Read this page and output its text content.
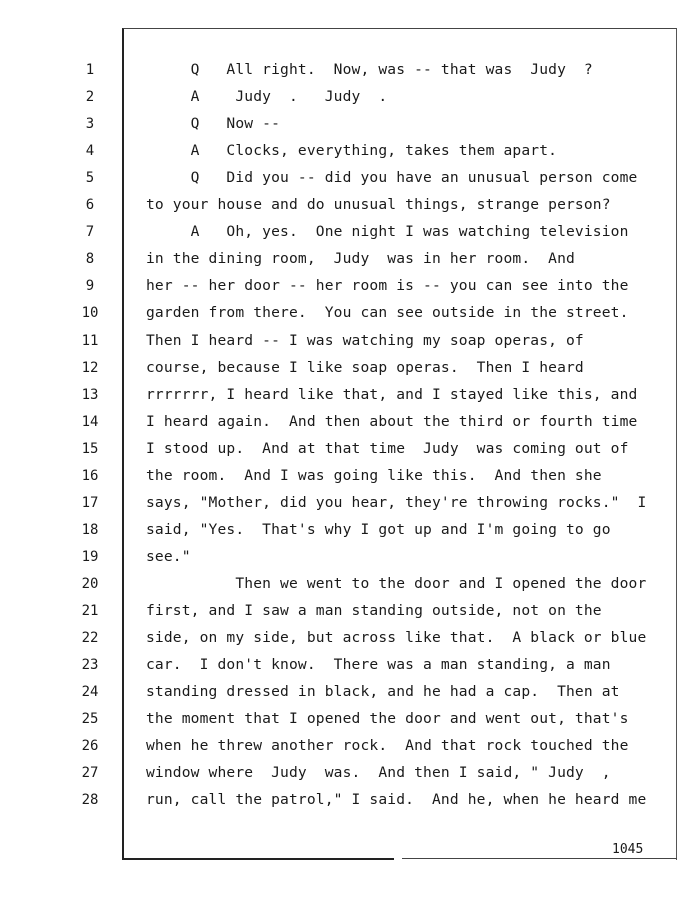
1	Q   All right.  Now, was -- that was  Judy  ?
2	A    Judy  .   Judy  .
3	Q   Now --
4	A   Clocks, everything, takes them apart.
5	Q   Did you -- did you have an unusual person come
6	to your house and do unusual things, strange person?
7	A   Oh, yes.  One night I was watching television
8	in the dining room,  Judy  was in her room.  And
9	her -- her door -- her room is -- you can see into the
10	garden from there.  You can see outside in the street.
11	Then I heard -- I was watching my soap operas, of
12	course, because I like soap operas.  Then I heard
13	rrrrrrr, I heard like that, and I stayed like this, and
14	I heard again.  And then about the third or fourth time
15	I stood up.  And at that time  Judy  was coming out of
16	the room.  And I was going like this.  And then she
17	says, "Mother, did you hear, they're throwing rocks."  I
18	said, "Yes.  That's why I got up and I'm going to go
19	see."
20	Then we went to the door and I opened the door
21	first, and I saw a man standing outside, not on the
22	side, on my side, but across like that.  A black or blue
23	car.  I don't know.  There was a man standing, a man
24	standing dressed in black, and he had a cap.  Then at
25	the moment that I opened the door and went out, that's
26	when he threw another rock.  And that rock touched the
27	window where  Judy  was.  And then I said, " Judy  ,
28	run, call the patrol," I said.  And he, when he heard me
1045
